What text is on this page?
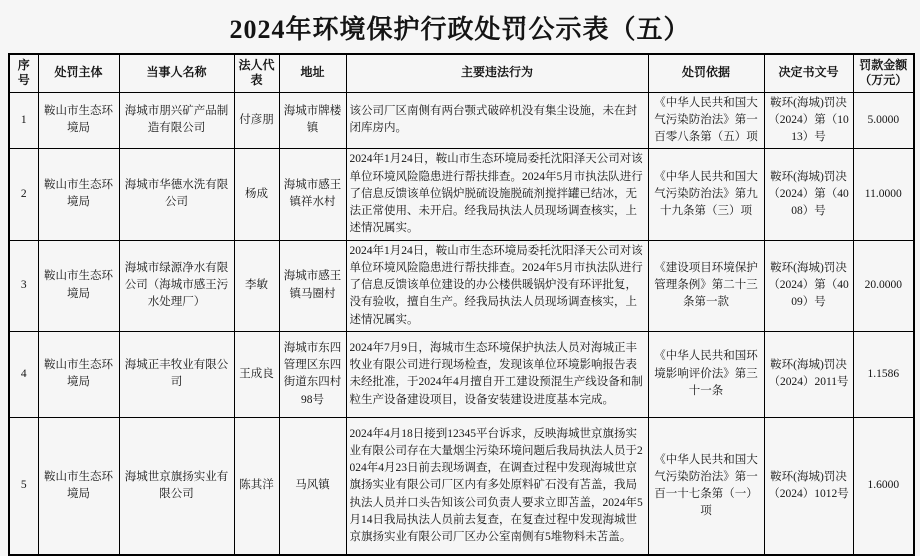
2024年环境保护行政处罚公示表（五）
序号	处罚主体	当事人名称	法人代表	地址	主要违法行为	处罚依据	决定书文号	罚款金额（万元）
1	鞍山市生态环境局	海城市朋兴矿产品制造有限公司	付彦朋	海城市牌楼镇	该公司厂区南侧有两台颚式破碎机没有集尘设施，未在封闭库房内。	《中华人民共和国大气污染防治法》第一百零八条第（五）项	鞍环(海城)罚决（2024）第（1013）号	5.0000
2	鞍山市生态环境局	海城市华德水洗有限公司	杨成	海城市感王镇祥水村	2024年1月24日，鞍山市生态环境局委托沈阳泽天公司对该单位环境风险隐患进行帮扶排查。2024年5月市执法队进行了信息反馈该单位锅炉脱硫设施脱硫剂搅拌罐已结冰，无法正常使用、未开启。经我局执法人员现场调查核实，上述情况属实。	《中华人民共和国大气污染防治法》第九十九条第（三）项	鞍环(海城)罚决（2024）第（4008）号	11.0000
3	鞍山市生态环境局	海城市绿源净水有限公司（海城市感王污水处理厂）	李敏	海城市感王镇马圈村	2024年1月24日，鞍山市生态环境局委托沈阳泽天公司对该单位环境风险隐患进行帮扶排查。2024年5月市执法队进行了信息反馈该单位建设的办公楼供暖锅炉没有环评批复，没有验收，擅自生产。经我局执法人员现场调查核实，上述情况属实。	《建设项目环境保护管理条例》第二十三条第一款	鞍环(海城)罚决（2024）第（4009）号	20.0000
4	鞍山市生态环境局	海城正丰牧业有限公司	王成良	海城市东四管理区东四街道东四村98号	2024年7月9日，海城市生态环境保护执法人员对海城正丰牧业有限公司进行现场检查，发现该单位环境影响报告表未经批准，于2024年4月擅自开工建设预混生产线设备和制粒生产设备建设项目，设备安装建设进度基本完成。	《中华人民共和国环境影响评价法》第三十一条	鞍环(海城)罚决（2024）2011号	1.1586
5	鞍山市生态环境局	海城世京旗扬实业有限公司	陈其洋	马风镇	2024年4月18日接到12345平台诉求，反映海城世京旗扬实业有限公司存在大量烟尘污染环境问题后我局执法人员于2024年4月23日前去现场调查，在调查过程中发现海城世京旗扬实业有限公司厂区内有多处原料矿石没有苫盖，我局执法人员并口头告知该公司负责人要求立即苫盖，2024年5月14日我局执法人员前去复查，在复查过程中发现海城世京旗扬实业有限公司厂区办公室南侧有5堆物料未苫盖。	《中华人民共和国大气污染防治法》第一百一十七条第（一）项	鞍环(海城)罚决（2024）1012号	1.6000
